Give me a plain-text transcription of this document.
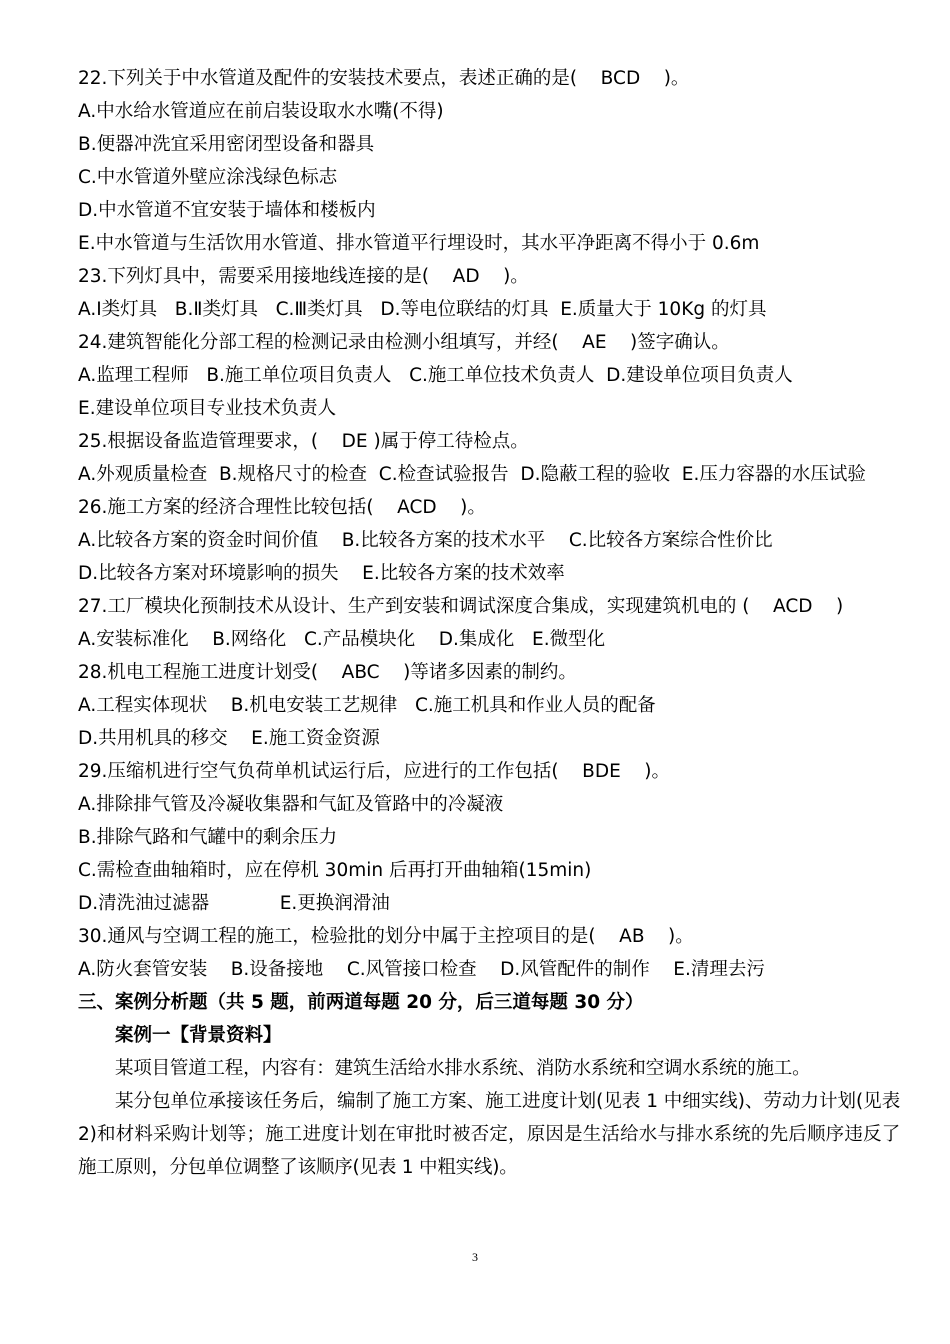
22.下列关于中水管道及配件的安装技术要点，表述正确的是(    BCD    )。
A.中水给水管道应在前启装设取水水嘴(不得)
B.便器冲洗宜采用密闭型设备和器具
C.中水管道外壁应涂浅绿色标志
D.中水管道不宜安装于墙体和楼板内
E.中水管道与生活饮用水管道、排水管道平行埋设时，其水平净距离不得小于 0.6m
23.下列灯具中，需要采用接地线连接的是(    AD    )。
A.Ⅰ类灯具   B.Ⅱ类灯具   C.Ⅲ类灯具   D.等电位联结的灯具  E.质量大于 10Kg 的灯具
24.建筑智能化分部工程的检测记录由检测小组填写，并经(    AE    )签字确认。
A.监理工程师   B.施工单位项目负责人   C.施工单位技术负责人  D.建设单位项目负责人
E.建设单位项目专业技术负责人
25.根据设备监造管理要求，(    DE )属于停工待检点。
A.外观质量检查  B.规格尺寸的检查  C.检查试验报告  D.隐蔽工程的验收  E.压力容器的水压试验
26.施工方案的经济合理性比较包括(    ACD    )。
A.比较各方案的资金时间价值    B.比较各方案的技术水平    C.比较各方案综合性价比
D.比较各方案对环境影响的损失    E.比较各方案的技术效率
27.工厂模块化预制技术从设计、生产到安装和调试深度合集成，实现建筑机电的 (    ACD    )
A.安装标准化    B.网络化   C.产品模块化    D.集成化   E.微型化
28.机电工程施工进度计划受(    ABC    )等诸多因素的制约。
A.工程实体现状    B.机电安装工艺规律   C.施工机具和作业人员的配备
D.共用机具的移交    E.施工资金资源
29.压缩机进行空气负荷单机试运行后，应进行的工作包括(    BDE    )。
A.排除排气管及冷凝收集器和气缸及管路中的冷凝液
B.排除气路和气罐中的剩余压力
C.需检查曲轴箱时，应在停机 30min 后再打开曲轴箱(15min)
D.清洗油过滤器            E.更换润滑油
30.通风与空调工程的施工，检验批的划分中属于主控项目的是(    AB    )。
A.防火套管安装    B.设备接地    C.风管接口检查    D.风管配件的制作    E.清理去污
三、案例分析题（共 5 题，前两道每题 20 分，后三道每题 30 分）
案例一【背景资料】

某项目管道工程，内容有：建筑生活给水排水系统、消防水系统和空调水系统的施工。

某分包单位承接该任务后，编制了施工方案、施工进度计划(见表 1 中细实线)、劳动力计划(见表 2)和材料采购计划等；施工进度计划在审批时被否定，原因是生活给水与排水系统的先后顺序违反了施工原则，分包单位调整了该顺序(见表 1 中粗实线)。

3
